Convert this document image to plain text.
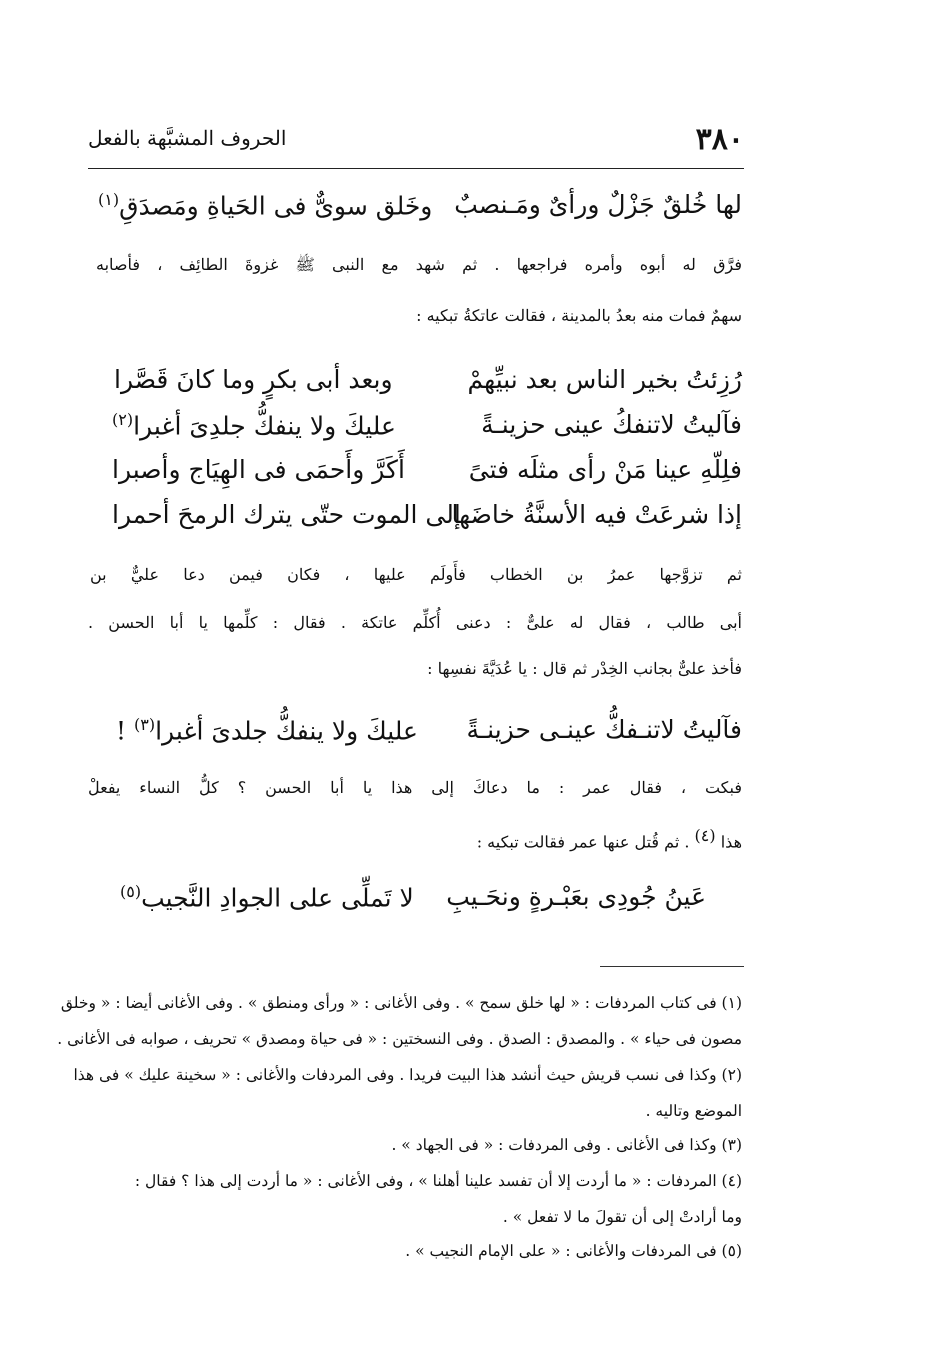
٣٨٠
الحروف المشبَّهة بالفعل
لها خُلقٌ جَزْلٌ ورأىٌ ومَـنصبٌ
وخَلق سوىٌّ فى الحَياةِ ومَصدَقِ$^{(١)}$
فرَّق له أبوه وأمره فراجعها . ثم شهد مع النبى ﷺ غزوةَ الطائِف ، فأصابه
سهمٌ فمات منه بعدُ بالمدينة ، فقالت عاتكةُ تبكيه :
رُزِئتُ بخير الناس بعد نبيِّهمْ
وبعد أبى بكرٍ وما كانَ قَصَّرا
فآليتُ لاتنفكُ عينى حزينـةً
عليكَ ولا ينفكُّ جلدِىَ أغبرا$^{(٢)}$
فلِلّهِ عينا مَنْ رأى مثلَه فتىً
أَكَرَّ وأَحمَى فى الهِيَاج وأصبرا
إذا شرعَتْ فيه الأسنَّةُ خاضَها
إلى الموت حتّى يترك الرمحَ أحمرا
ثم تزوَّجها عمرُ بن الخطاب فأَولَم عليها ، فكان فيمن دعا عليٌّ بن
أبى طالب ، فقال له علىٌّ : دعنى أُكلِّم عاتكة . فقال : كلِّمها يا أبا الحسن .
فأخذ علىٌّ بجانب الخِدْر ثم قال : يا عُدَيَّةَ نفسِها :
فآليتُ لاتنـفكُّ عينـى حزينـةً
عليكَ ولا ينفكُّ جلدىَ أغبرا$^{(٣)}$ !
فبكت ، فقال عمر : ما دعاكَ إلى هذا يا أبا الحسن ؟ كلُّ النساء يفعلْ
هذا (٤) . ثم قُتل عنها عمر فقالت تبكيه :
عَينُ جُودِى بعَبْـرةٍ ونحَـيبِ
لا تَملِّى على الجوادِ النَّجيب$^{(٥)}$
(١) فى كتاب المردفات : « لها خلق سمح » . وفى الأغانى : « ورأى ومنطق » . وفى الأغانى أيضا : « وخلق
مصون فى حياء » . والمصدق : الصدق . وفى النسختين : « فى حياة ومصدق » تحريف ، صوابه فى الأغانى .
(٢) وكذا فى نسب قريش حيث أنشد هذا البيت فريدا . وفى المردفات والأغانى : « سخينة عليك » فى هذا
الموضع وتاليه .
(٣) وكذا فى الأغانى . وفى المردفات : « فى الجهاد » .
(٤) المردفات : « ما أردت إلا أن تفسد علينا أهلنا » ، وفى الأغانى : « ما أردت إلى هذا ؟ فقال :
وما أرادتْ إلى أن تقولَ ما لا تفعل » .
(٥) فى المردفات والأغانى : « على الإمام النجيب » .
